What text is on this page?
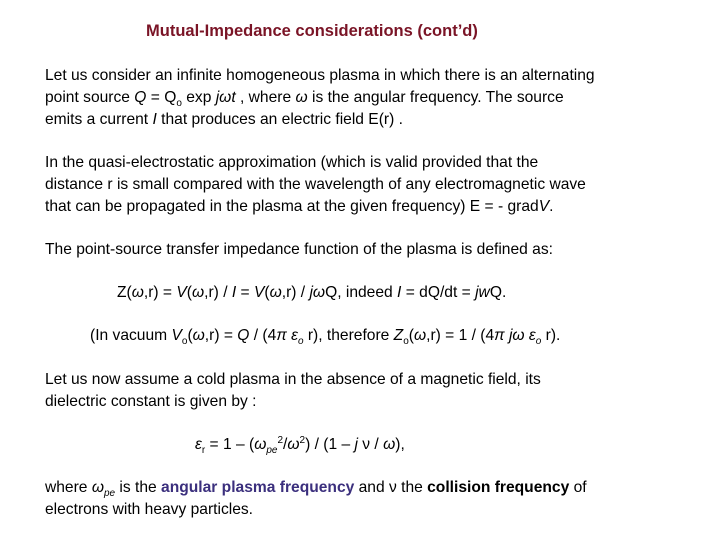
Mutual-Impedance considerations (cont’d)
Let us consider an infinite homogeneous plasma in which there is an alternating
point source $Q = Q_o$ exp jωt , where ω is the angular frequency. The source
emits a current I that produces an electric field E(r) .
In the quasi-electrostatic approximation (which is valid provided that the
distance r is small compared with the wavelength of any electromagnetic wave
that can be propagated in the plasma at the given frequency) E = - gradV.
The point-source transfer impedance function of the plasma is defined as:
Z(ω,r) = V(ω,r) / I = V(ω,r) / jωQ, indeed I = dQ/dt = jwQ.
(In vacuum $V_o(\omega,r) = Q / (4\pi$ $\varepsilon_o$ r), therefore $Z_o(\omega,r) = 1 / (4\pi$ jω $\varepsilon_o$ r).
Let us now assume a cold plasma in the absence of a magnetic field, its
dielectric constant is given by :
$\varepsilon_r = 1 - (\omega_{pe}^2/\omega^2) / (1 - j$ ν / ω),
where $\omega_{pe}$ is the angular plasma frequency and ν the collision frequency of
electrons with heavy particles.
